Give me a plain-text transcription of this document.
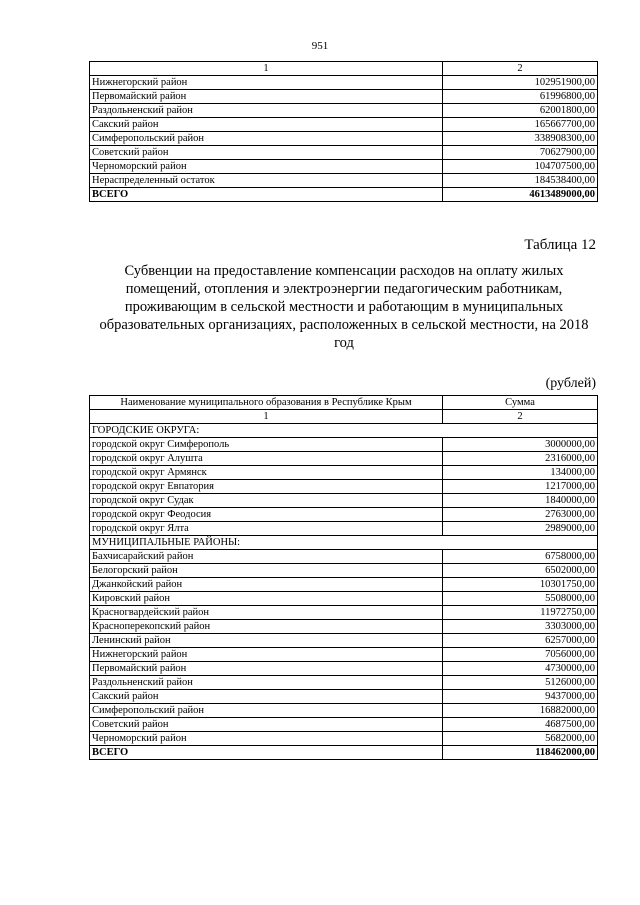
951
1	2
Нижнегорский район	102951900,00
Первомайский район	61996800,00
Раздольненский район	62001800,00
Сакский район	165667700,00
Симферопольский район	338908300,00
Советский район	70627900,00
Черноморский район	104707500,00
Нераспределенный остаток	184538400,00
ВСЕГО	4613489000,00
Таблица 12
Субвенции на предоставление компенсации расходов на оплату жилых помещений, отопления и электроэнергии педагогическим работникам, проживающим в сельской местности и работающим в муниципальных образовательных организациях, расположенных в сельской местности, на 2018 год
(рублей)
Наименование муниципального образования в Республике Крым	Сумма
1	2
ГОРОДСКИЕ ОКРУГА:	
городской округ Симферополь	3000000,00
городской округ Алушта	2316000,00
городской округ Армянск	134000,00
городской округ Евпатория	1217000,00
городской округ Судак	1840000,00
городской округ Феодосия	2763000,00
городской округ Ялта	2989000,00
МУНИЦИПАЛЬНЫЕ РАЙОНЫ:	
Бахчисарайский район	6758000,00
Белогорский район	6502000,00
Джанкойский район	10301750,00
Кировский район	5508000,00
Красногвардейский район	11972750,00
Красноперекопский район	3303000,00
Ленинский район	6257000,00
Нижнегорский район	7056000,00
Первомайский район	4730000,00
Раздольненский район	5126000,00
Сакский район	9437000,00
Симферопольский район	16882000,00
Советский район	4687500,00
Черноморский район	5682000,00
ВСЕГО	118462000,00
